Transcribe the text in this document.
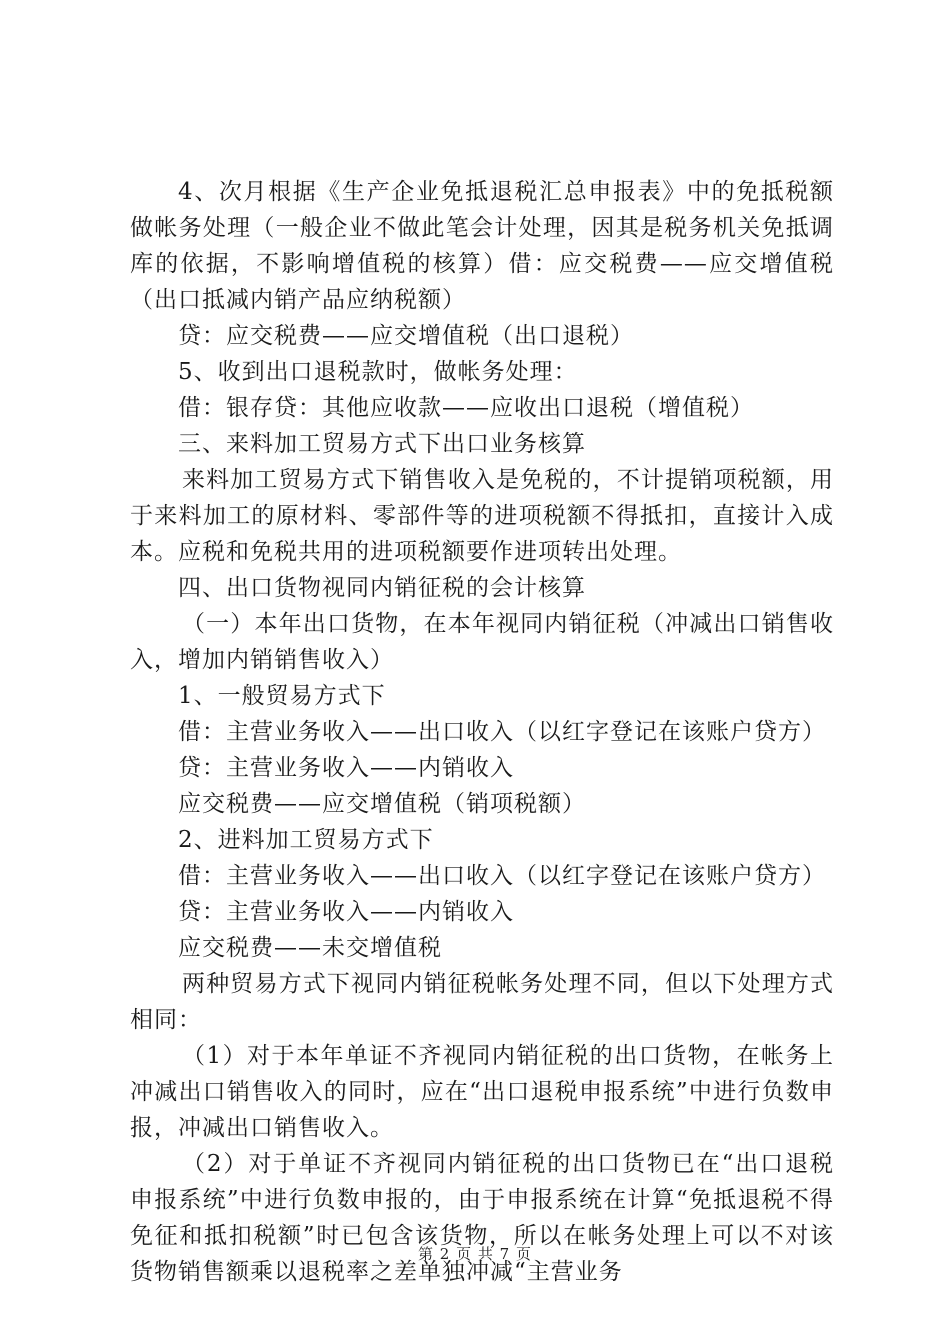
4、次月根据《生产企业免抵退税汇总申报表》中的免抵税额做帐务处理（一般企业不做此笔会计处理，因其是税务机关免抵调库的依据，不影响增值税的核算）借：应交税费——应交增值税（出口抵减内销产品应纳税额）

贷：应交税费——应交增值税（出口退税）

5、收到出口退税款时，做帐务处理：

借：银存贷：其他应收款——应收出口退税（增值税）

三、来料加工贸易方式下出口业务核算

来料加工贸易方式下销售收入是免税的，不计提销项税额，用于来料加工的原材料、零部件等的进项税额不得抵扣，直接计入成本。应税和免税共用的进项税额要作进项转出处理。

四、出口货物视同内销征税的会计核算

（一）本年出口货物，在本年视同内销征税（冲减出口销售收入，增加内销销售收入）

1、一般贸易方式下

借：主营业务收入——出口收入（以红字登记在该账户贷方）

贷：主营业务收入——内销收入

应交税费——应交增值税（销项税额）

2、进料加工贸易方式下

借：主营业务收入——出口收入（以红字登记在该账户贷方）

贷：主营业务收入——内销收入

应交税费——未交增值税

两种贸易方式下视同内销征税帐务处理不同，但以下处理方式相同：

（1）对于本年单证不齐视同内销征税的出口货物，在帐务上冲减出口销售收入的同时，应在“出口退税申报系统”中进行负数申报，冲减出口销售收入。

（2）对于单证不齐视同内销征税的出口货物已在“出口退税申报系统”中进行负数申报的，由于申报系统在计算“免抵退税不得免征和抵扣税额”时已包含该货物，所以在帐务处理上可以不对该货物销售额乘以退税率之差单独冲减“主营业务

第 2 页 共 7 页
